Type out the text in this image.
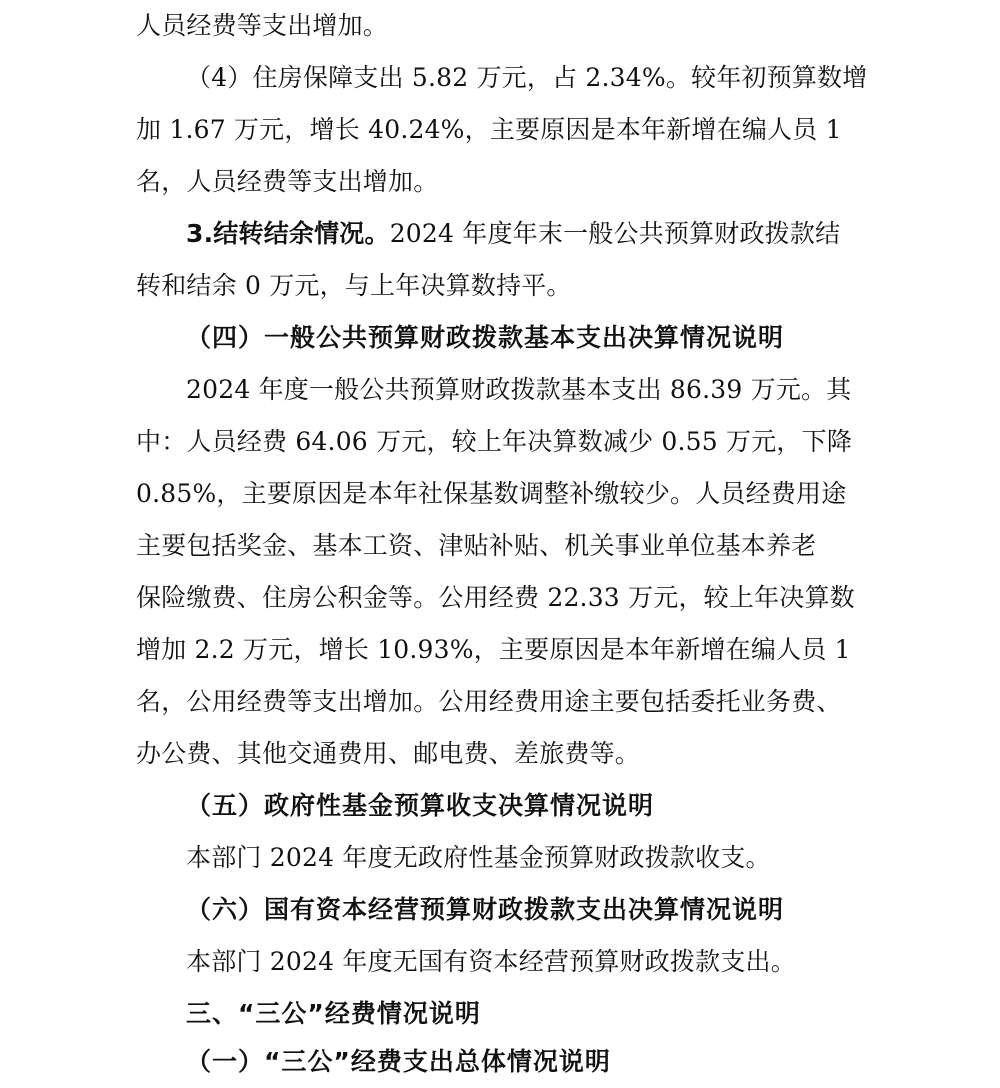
人员经费等支出增加。
（4）住房保障支出 5.82 万元，占 2.34%。较年初预算数增
加 1.67 万元，增长 40.24%，主要原因是本年新增在编人员 1
名，人员经费等支出增加。
3.结转结余情况。2024 年度年末一般公共预算财政拨款结
转和结余 0 万元，与上年决算数持平。
（四）一般公共预算财政拨款基本支出决算情况说明
2024 年度一般公共预算财政拨款基本支出 86.39 万元。其
中：人员经费 64.06 万元，较上年决算数减少 0.55 万元，下降
0.85%，主要原因是本年社保基数调整补缴较少。人员经费用途
主要包括奖金、基本工资、津贴补贴、机关事业单位基本养老
保险缴费、住房公积金等。公用经费 22.33 万元，较上年决算数
增加 2.2 万元，增长 10.93%，主要原因是本年新增在编人员 1
名，公用经费等支出增加。公用经费用途主要包括委托业务费、
办公费、其他交通费用、邮电费、差旅费等。
（五）政府性基金预算收支决算情况说明
本部门 2024 年度无政府性基金预算财政拨款收支。
（六）国有资本经营预算财政拨款支出决算情况说明
本部门 2024 年度无国有资本经营预算财政拨款支出。
三、“三公”经费情况说明
（一）“三公”经费支出总体情况说明
